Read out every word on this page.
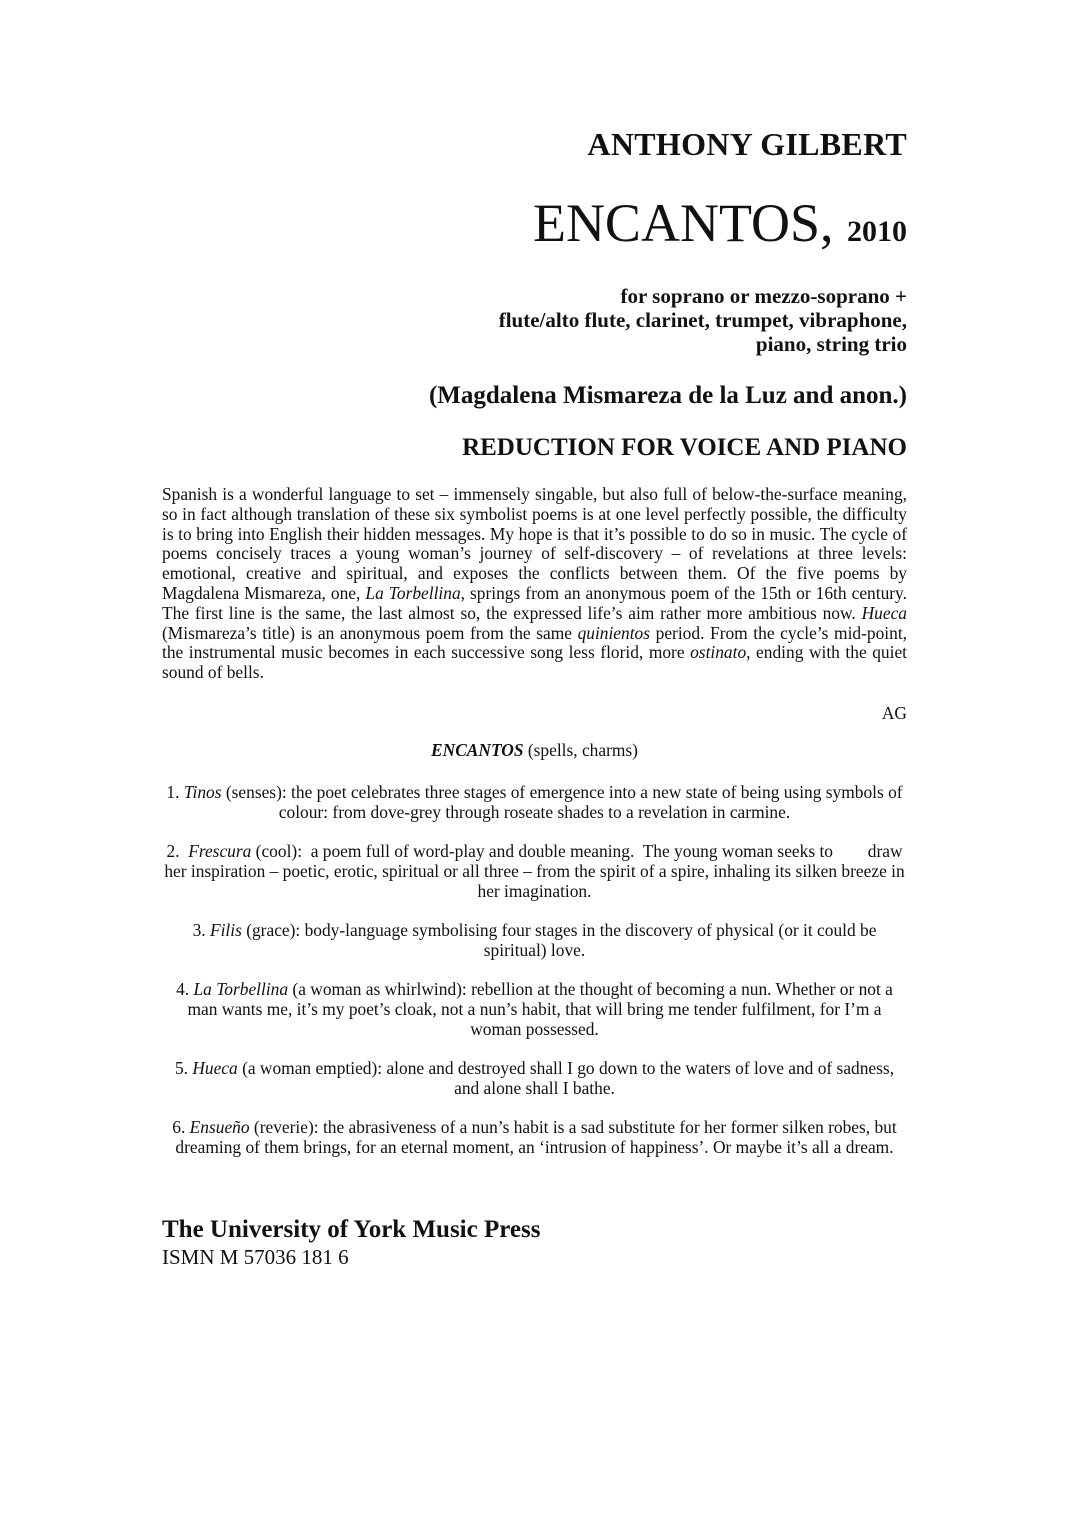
ANTHONY GILBERT
ENCANTOS, 2010

for soprano or mezzo-soprano +
flute/alto flute, clarinet, trumpet, vibraphone,
piano, string trio

(Magdalena Mismareza de la Luz and anon.)

REDUCTION FOR VOICE AND PIANO

Spanish is a wonderful language to set – immensely singable, but also full of below-the-surface meaning, so in fact although translation of these six symbolist poems is at one level perfectly possible, the difficulty is to bring into English their hidden messages. My hope is that it’s possible to do so in music. The cycle of poems concisely traces a young woman’s journey of self-discovery – of revelations at three levels: emotional, creative and spiritual, and exposes the conflicts between them. Of the five poems by Magdalena Mismareza, one, La Torbellina, springs from an anonymous poem of the 15th or 16th century. The first line is the same, the last almost so, the expressed life’s aim rather more ambitious now. Hueca (Mismareza’s title) is an anonymous poem from the same quinientos period. From the cycle’s mid-point, the instrumental music becomes in each successive song less florid, more ostinato, ending with the quiet sound of bells.

AG

ENCANTOS (spells, charms)

1. Tinos (senses): the poet celebrates three stages of emergence into a new state of being using symbols of colour: from dove-grey through roseate shades to a revelation in carmine.

2.  Frescura (cool):  a poem full of word-play and double meaning.  The young woman seeks to        draw her inspiration – poetic, erotic, spiritual or all three – from the spirit of a spire, inhaling its silken breeze in her imagination.

3. Filis (grace): body-language symbolising four stages in the discovery of physical (or it could be spiritual) love.

4. La Torbellina (a woman as whirlwind): rebellion at the thought of becoming a nun. Whether or not a man wants me, it’s my poet’s cloak, not a nun’s habit, that will bring me tender fulfilment, for I’m a woman possessed.

5. Hueca (a woman emptied): alone and destroyed shall I go down to the waters of love and of sadness, and alone shall I bathe.

6. Ensueño (reverie): the abrasiveness of a nun’s habit is a sad substitute for her former silken robes, but dreaming of them brings, for an eternal moment, an ‘intrusion of happiness’. Or maybe it’s all a dream.

The University of York Music Press

ISMN M 57036 181 6
